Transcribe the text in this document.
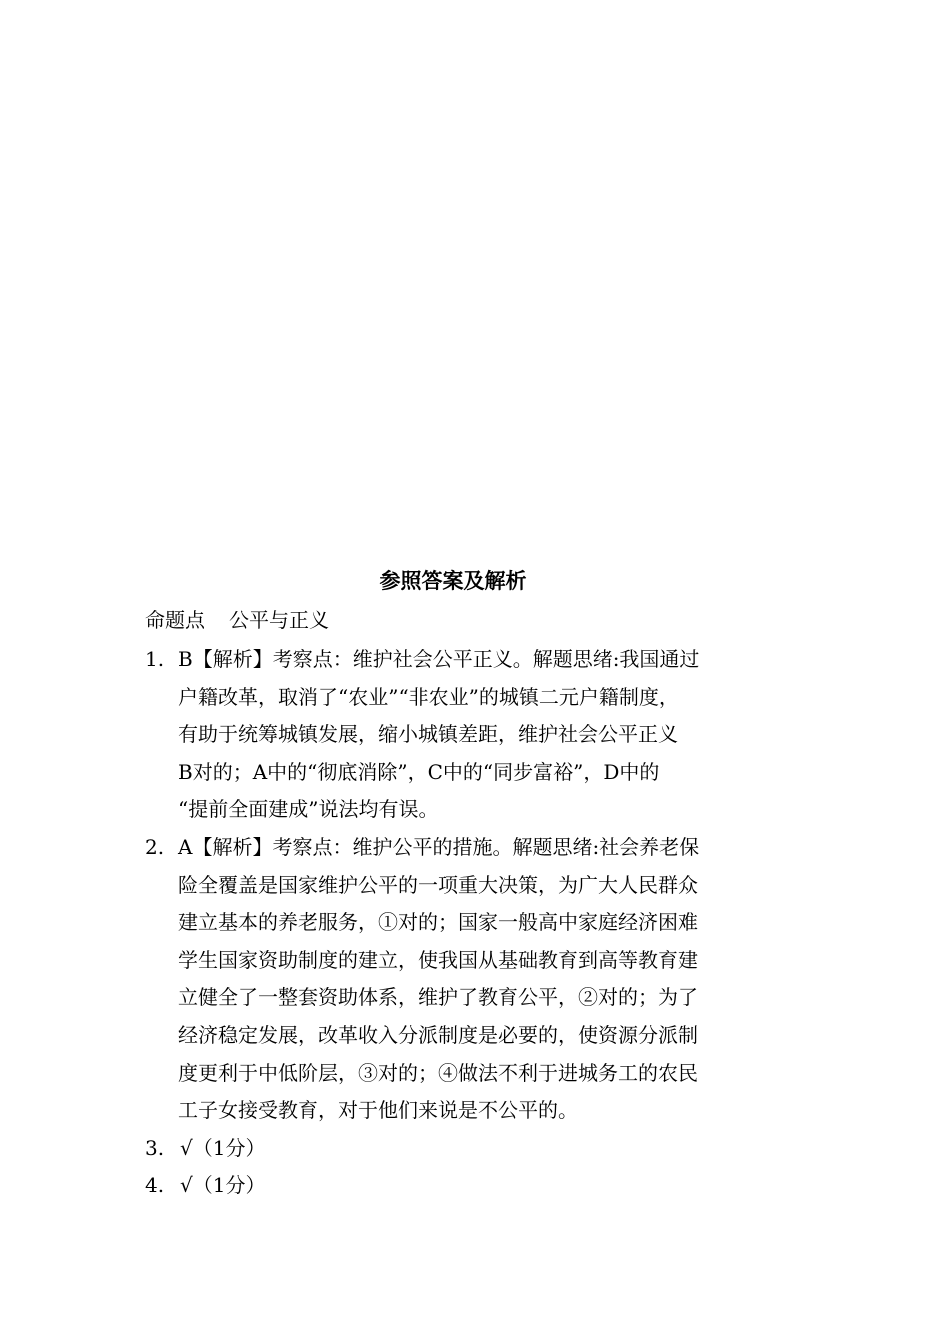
参照答案及解析
命题点 公平与正义
1. B【解析】考察点：维护社会公平正义。解题思绪:我国通过
户籍改革，取消了“农业”“非农业”的城镇二元户籍制度，
有助于统筹城镇发展，缩小城镇差距，维护社会公平正义
B对的；A中的“彻底消除”，C中的“同步富裕”，D中的
“提前全面建成”说法均有误。
2. A【解析】考察点：维护公平的措施。解题思绪:社会养老保
险全覆盖是国家维护公平的一项重大决策，为广大人民群众
建立基本的养老服务，①对的；国家一般高中家庭经济困难
学生国家资助制度的建立，使我国从基础教育到高等教育建
立健全了一整套资助体系，维护了教育公平，②对的；为了
经济稳定发展，改革收入分派制度是必要的，使资源分派制
度更利于中低阶层，③对的；④做法不利于进城务工的农民
工子女接受教育，对于他们来说是不公平的。
3. √（1分）
4. √（1分）
